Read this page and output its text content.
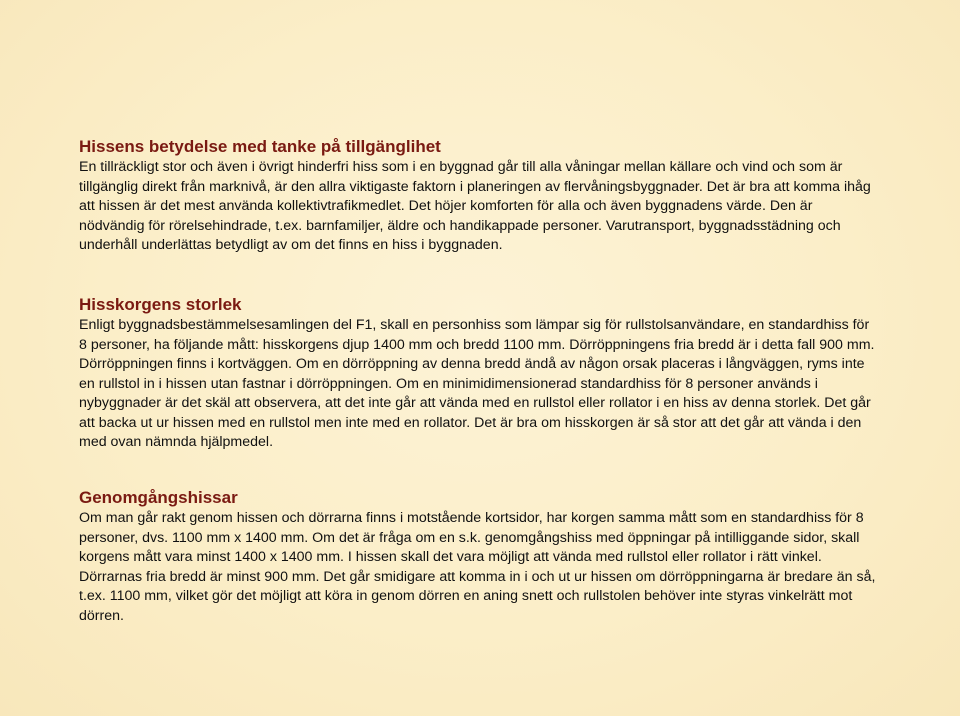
Hissens betydelse med tanke på tillgänglihet

En tillräckligt stor och även i övrigt hinderfri hiss som i en byggnad går till alla våningar mellan källare och vind och som är tillgänglig direkt från marknivå, är den allra viktigaste faktorn i planeringen av flervåningsbyggnader. Det är bra att komma ihåg att hissen är det mest använda kollektivtrafikmedlet. Det höjer komforten för alla och även byggnadens värde. Den är nödvändig för rörelsehindrade, t.ex. barnfamiljer, äldre och handikappade personer. Varutransport, byggnadsstädning och underhåll underlättas betydligt av om det finns en hiss i byggnaden.

Hisskorgens storlek

Enligt byggnadsbestämmelsesamlingen del F1, skall en personhiss som lämpar sig för rullstolsanvändare, en standardhiss för 8 personer, ha följande mått: hisskorgens djup 1400 mm och bredd 1100 mm. Dörröppningens fria bredd är i detta fall 900 mm. Dörröppningen finns i kortväggen. Om en dörröppning av denna bredd ändå av någon orsak placeras i långväggen, ryms inte en rullstol in i hissen utan fastnar i dörröppningen. Om en minimidimensionerad standardhiss för 8 personer används i nybyggnader är det skäl att observera, att det inte går att vända med en rullstol eller rollator i en hiss av denna storlek. Det går att backa ut ur hissen med en rullstol men inte med en rollator. Det är bra om hisskorgen är så stor att det går att vända i den med ovan nämnda hjälpmedel.

Genomgångshissar

Om man går rakt genom hissen och dörrarna finns i motstående kortsidor, har korgen samma mått som en standardhiss för 8 personer, dvs. 1100 mm x 1400 mm. Om det är fråga om en s.k. genomgångshiss med öppningar på intilliggande sidor, skall korgens mått vara minst 1400 x 1400 mm. I hissen skall det vara möjligt att vända med rullstol eller rollator i rätt vinkel. Dörrarnas fria bredd är minst 900 mm. Det går smidigare att komma in i och ut ur hissen om dörröppningarna är bredare än så, t.ex. 1100 mm, vilket gör det möjligt att köra in genom dörren en aning snett och rullstolen behöver inte styras vinkelrätt mot dörren.
